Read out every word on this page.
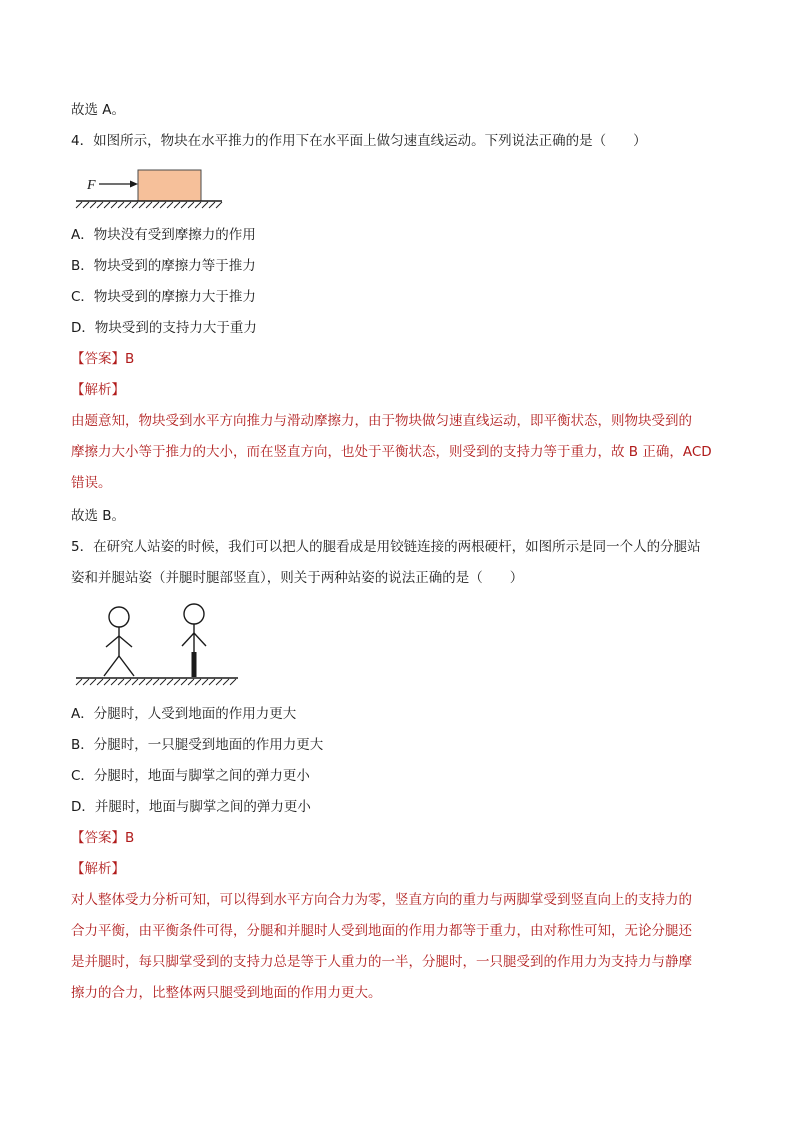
故选 A。
4．如图所示，物块在水平推力的作用下在水平面上做匀速直线运动。下列说法正确的是（　　）
F
A．物块没有受到摩擦力的作用
B．物块受到的摩擦力等于推力
C．物块受到的摩擦力大于推力
D．物块受到的支持力大于重力
【答案】B
【解析】
由题意知，物块受到水平方向推力与滑动摩擦力，由于物块做匀速直线运动，即平衡状态，则物块受到的
摩擦力大小等于推力的大小，而在竖直方向，也处于平衡状态，则受到的支持力等于重力，故 B 正确，ACD
错误。
故选 B。
5．在研究人站姿的时候，我们可以把人的腿看成是用铰链连接的两根硬杆，如图所示是同一个人的分腿站
姿和并腿站姿（并腿时腿部竖直），则关于两种站姿的说法正确的是（　　）
A．分腿时，人受到地面的作用力更大
B．分腿时，一只腿受到地面的作用力更大
C．分腿时，地面与脚掌之间的弹力更小
D．并腿时，地面与脚掌之间的弹力更小
【答案】B
【解析】
对人整体受力分析可知，可以得到水平方向合力为零，竖直方向的重力与两脚掌受到竖直向上的支持力的
合力平衡，由平衡条件可得，分腿和并腿时人受到地面的作用力都等于重力，由对称性可知，无论分腿还
是并腿时，每只脚掌受到的支持力总是等于人重力的一半，分腿时，一只腿受到的作用力为支持力与静摩
擦力的合力，比整体两只腿受到地面的作用力更大。
